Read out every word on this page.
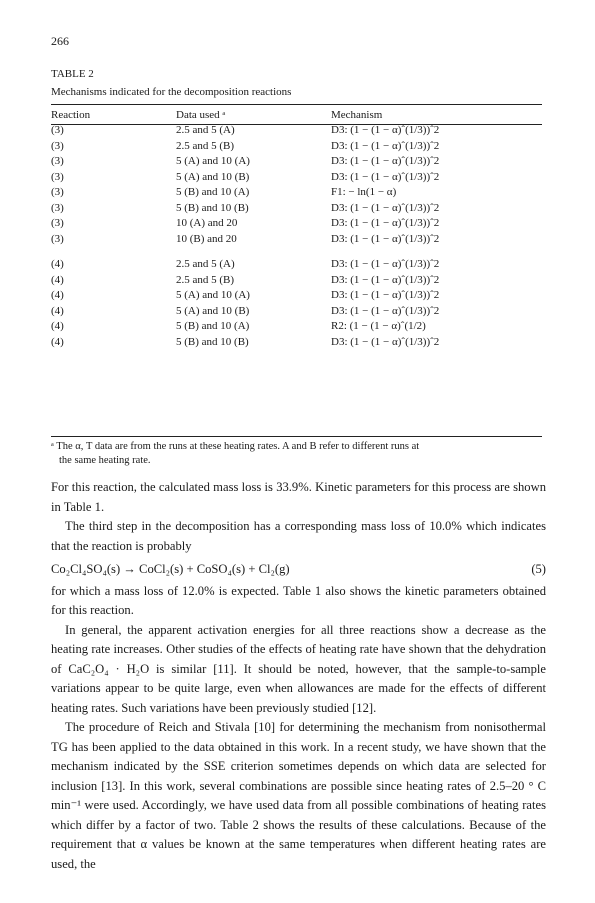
266
TABLE 2
Mechanisms indicated for the decomposition reactions
Reaction	Data used ᵃ	Mechanism
(3)	2.5 and 5 (A)	D3: (1 − (1 − α)ˆ(1/3))ˆ2
(3)	2.5 and 5 (B)	D3: (1 − (1 − α)ˆ(1/3))ˆ2
(3)	5 (A) and 10 (A)	D3: (1 − (1 − α)ˆ(1/3))ˆ2
(3)	5 (A) and 10 (B)	D3: (1 − (1 − α)ˆ(1/3))ˆ2
(3)	5 (B) and 10 (A)	F1: − ln(1 − α)
(3)	5 (B) and 10 (B)	D3: (1 − (1 − α)ˆ(1/3))ˆ2
(3)	10 (A) and 20	D3: (1 − (1 − α)ˆ(1/3))ˆ2
(3)	10 (B) and 20	D3: (1 − (1 − α)ˆ(1/3))ˆ2

(4)	2.5 and 5 (A)	D3: (1 − (1 − α)ˆ(1/3))ˆ2
(4)	2.5 and 5 (B)	D3: (1 − (1 − α)ˆ(1/3))ˆ2
(4)	5 (A) and 10 (A)	D3: (1 − (1 − α)ˆ(1/3))ˆ2
(4)	5 (A) and 10 (B)	D3: (1 − (1 − α)ˆ(1/3))ˆ2
(4)	5 (B) and 10 (A)	R2: (1 − (1 − α)ˆ(1/2)
(4)	5 (B) and 10 (B)	D3: (1 − (1 − α)ˆ(1/3))ˆ2
ᵃ The α, T data are from the runs at these heating rates. A and B refer to different runs at
the same heating rate.

For this reaction, the calculated mass loss is 33.9%. Kinetic parameters for this process are shown in Table 1.

The third step in the decomposition has a corresponding mass loss of 10.0% which indicates that the reaction is probably

Co₂Cl₄SO₄(s) → CoCl₂(s) + CoSO₄(s) + Cl₂(g)	(5)

for which a mass loss of 12.0% is expected. Table 1 also shows the kinetic parameters obtained for this reaction.

In general, the apparent activation energies for all three reactions show a decrease as the heating rate increases. Other studies of the effects of heating rate have shown that the dehydration of CaC₂O₄ · H₂O is similar [11]. It should be noted, however, that the sample-to-sample variations appear to be quite large, even when allowances are made for the effects of different heating rates. Such variations have been previously studied [12].

The procedure of Reich and Stivala [10] for determining the mechanism from nonisothermal TG has been applied to the data obtained in this work. In a recent study, we have shown that the mechanism indicated by the SSE criterion sometimes depends on which data are selected for inclusion [13]. In this work, several combinations are possible since heating rates of 2.5–20 ° C min⁻¹ were used. Accordingly, we have used data from all possible combinations of heating rates which differ by a factor of two. Table 2 shows the results of these calculations. Because of the requirement that α values be known at the same temperatures when different heating rates are used, the
